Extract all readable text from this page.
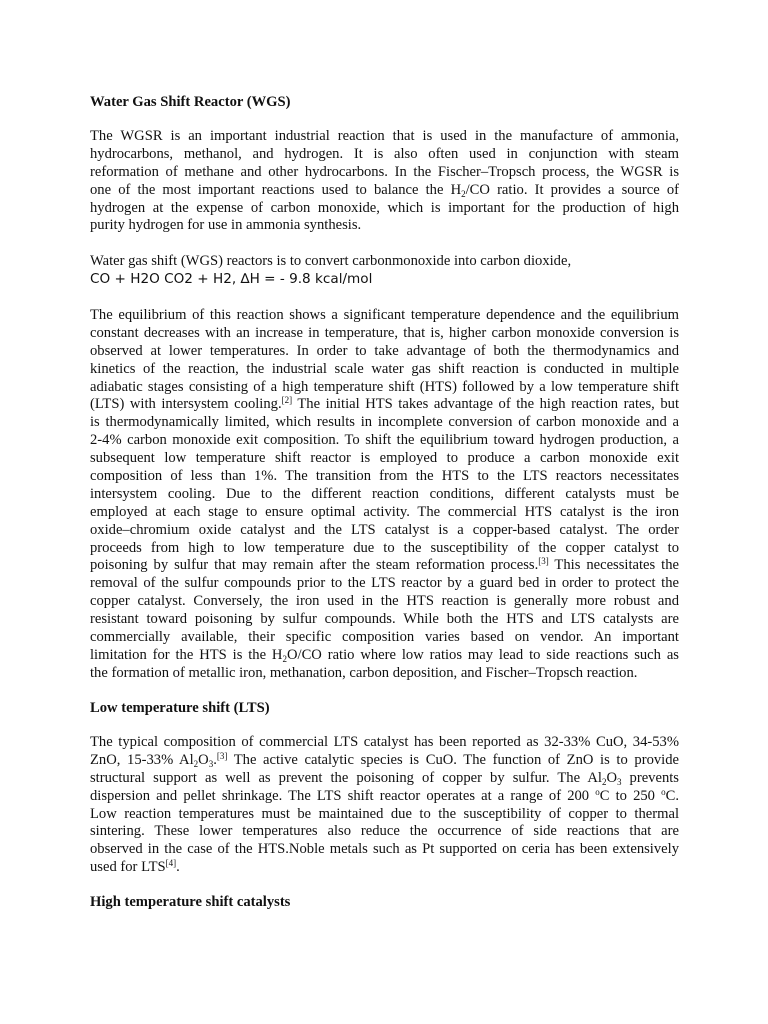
Water Gas Shift Reactor (WGS)
The WGSR is an important industrial reaction that is used in the manufacture of ammonia,
hydrocarbons, methanol, and hydrogen. It is also often used in conjunction with steam
reformation of methane and other hydrocarbons. In the Fischer–Tropsch process, the WGSR is
one of the most important reactions used to balance the $H_2/CO$ ratio. It provides a source of
hydrogen at the expense of carbon monoxide, which is important for the production of high
purity hydrogen for use in ammonia synthesis.
Water gas shift (WGS) reactors is to convert carbonmonoxide into carbon dioxide,
CO + H2O CO2 + H2, ∆H = - 9.8 kcal/mol
The equilibrium of this reaction shows a significant temperature dependence and the equilibrium
constant decreases with an increase in temperature, that is, higher carbon monoxide conversion is
observed at lower temperatures. In order to take advantage of both the thermodynamics and
kinetics of the reaction, the industrial scale water gas shift reaction is conducted in multiple
adiabatic stages consisting of a high temperature shift (HTS) followed by a low temperature shift
(LTS) with intersystem cooling.[2] The initial HTS takes advantage of the high reaction rates, but
is thermodynamically limited, which results in incomplete conversion of carbon monoxide and a
2-4% carbon monoxide exit composition. To shift the equilibrium toward hydrogen production, a
subsequent low temperature shift reactor is employed to produce a carbon monoxide exit
composition of less than 1%. The transition from the HTS to the LTS reactors necessitates
intersystem cooling. Due to the different reaction conditions, different catalysts must be
employed at each stage to ensure optimal activity. The commercial HTS catalyst is the iron
oxide–chromium oxide catalyst and the LTS catalyst is a copper-based catalyst. The order
proceeds from high to low temperature due to the susceptibility of the copper catalyst to
poisoning by sulfur that may remain after the steam reformation process.[3] This necessitates the
removal of the sulfur compounds prior to the LTS reactor by a guard bed in order to protect the
copper catalyst. Conversely, the iron used in the HTS reaction is generally more robust and
resistant toward poisoning by sulfur compounds. While both the HTS and LTS catalysts are
commercially available, their specific composition varies based on vendor. An important
limitation for the HTS is the $H_2O/CO$ ratio where low ratios may lead to side reactions such as
the formation of metallic iron, methanation, carbon deposition, and Fischer–Tropsch reaction.
Low temperature shift (LTS)
The typical composition of commercial LTS catalyst has been reported as 32-33% CuO, 34-53%
ZnO, 15-33% $Al_2O_3.[3]$ The active catalytic species is CuO. The function of ZnO is to provide
structural support as well as prevent the poisoning of copper by sulfur. The $Al_2O_3$ prevents
dispersion and pellet shrinkage. The LTS shift reactor operates at a range of 200 $^o$C to 250 $^o$C.
Low reaction temperatures must be maintained due to the susceptibility of copper to thermal
sintering. These lower temperatures also reduce the occurrence of side reactions that are
observed in the case of the HTS.Noble metals such as Pt supported on ceria has been extensively
used for LTS[4].
High temperature shift catalysts
